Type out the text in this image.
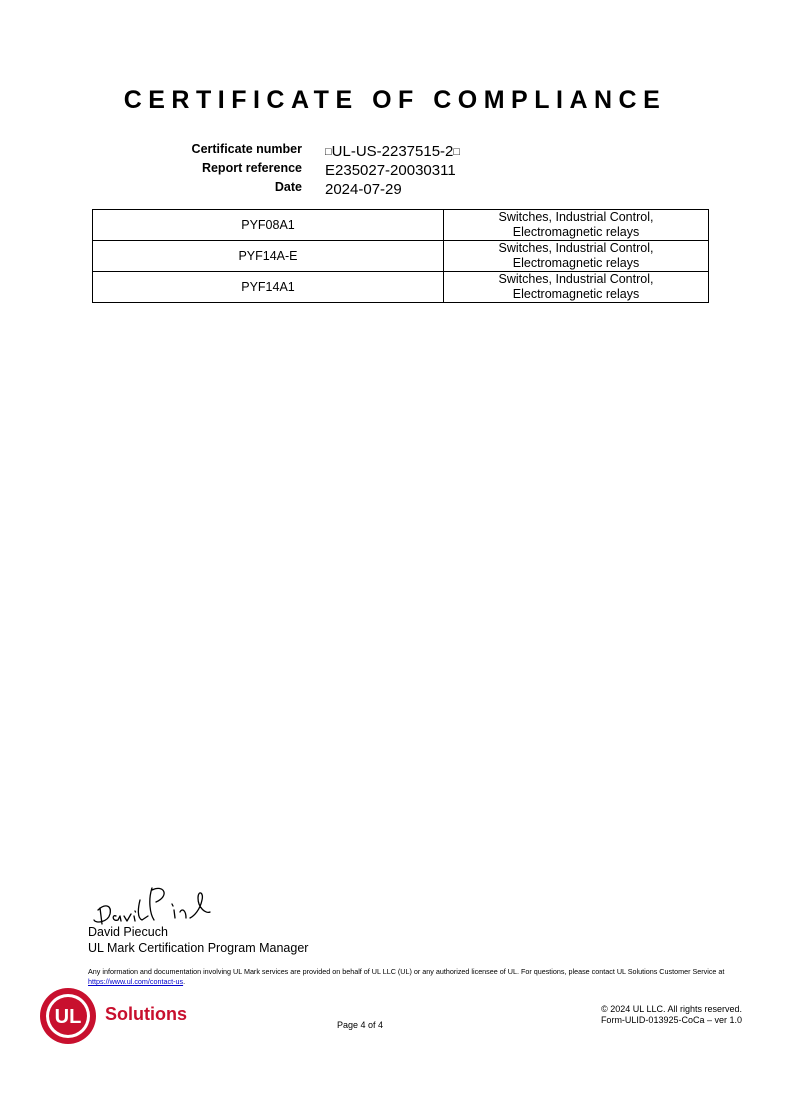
CERTIFICATE OF COMPLIANCE
Certificate number □UL-US-2237515-2□
Report reference E235027-20030311
Date 2024-07-29
PYF08A1	Switches, Industrial Control,
Electromagnetic relays
PYF14A-E	Switches, Industrial Control,
Electromagnetic relays
PYF14A1	Switches, Industrial Control,
Electromagnetic relays
David Piecuch
UL Mark Certification Program Manager
Any information and documentation involving UL Mark services are provided on behalf of UL LLC (UL) or any authorized licensee of UL. For questions, please contact UL Solutions Customer Service at https://www.ul.com/contact-us.
UL Solutions
Page 4 of 4
© 2024 UL LLC. All rights reserved.
Form-ULID-013925-CoCa – ver 1.0
